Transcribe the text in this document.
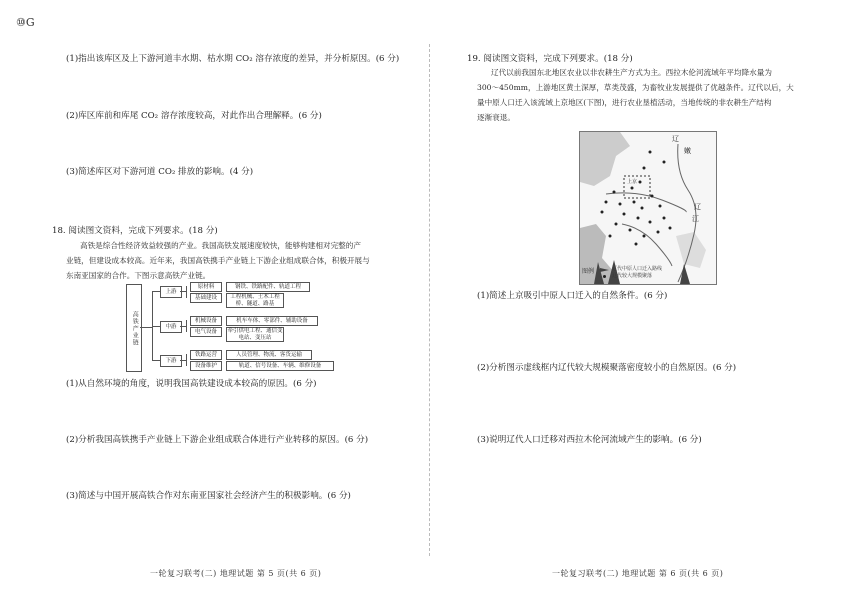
⑩G
(1)指出该库区及上下游河道丰水期、枯水期 CO₂ 溶存浓度的差异，并分析原因。(6 分)
(2)库区库前和库尾 CO₂ 溶存浓度较高，对此作出合理解释。(6 分)
(3)简述库区对下游河道 CO₂ 排放的影响。(4 分)
18. 阅读图文资料，完成下列要求。(18 分)

高铁是综合性经济效益较强的产业。我国高铁发展速度较快，能够构建相对完整的产

业链，但建设成本较高。近年来，我国高铁携手产业链上下游企业组成联合体，积极开展与

东南亚国家的合作。下图示意高铁产业链。

高铁产业链
上游
原材料
基础建设
钢铁、铁路配件、轨道工程
工程机械、土木工程桥、隧道、路基
中游
机械设备
电气设备
机车车体、零部件、辅助设备
牵引供电工程、通信变电站、变压站
下游
铁路运营
设备维护
人员管理、物流、客货运输
轨道、信号设备、车辆、维修设备
(1)从自然环境的角度，说明我国高铁建设成本较高的原因。(6 分)
(2)分析我国高铁携手产业链上下游企业组成联合体进行产业转移的原因。(6 分)
(3)简述与中国开展高铁合作对东南亚国家社会经济产生的积极影响。(6 分)
一轮复习联考(二) 地理试题 第 5 页(共 6 页)
19. 阅读图文资料，完成下列要求。(18 分)

辽代以前我国东北地区农业以非农耕生产方式为主。西拉木伦河流域年平均降水量为

300～450mm，上游地区黄土深厚，草类茂盛，为畜牧业发展提供了优越条件。辽代以后，大

量中原人口迁入该流域上京地区(下图)，进行农业垦植活动，当地传统的非农耕生产结构

逐渐衰退。

辽
嫩
辽
江
上京
图例	辽代中原人口迁入路线
辽代较大规模聚落
(1)简述上京吸引中原人口迁入的自然条件。(6 分)
(2)分析图示虚线框内辽代较大规模聚落密度较小的自然原因。(6 分)
(3)说明辽代人口迁移对西拉木伦河流域产生的影响。(6 分)
一轮复习联考(二) 地理试题 第 6 页(共 6 页)
